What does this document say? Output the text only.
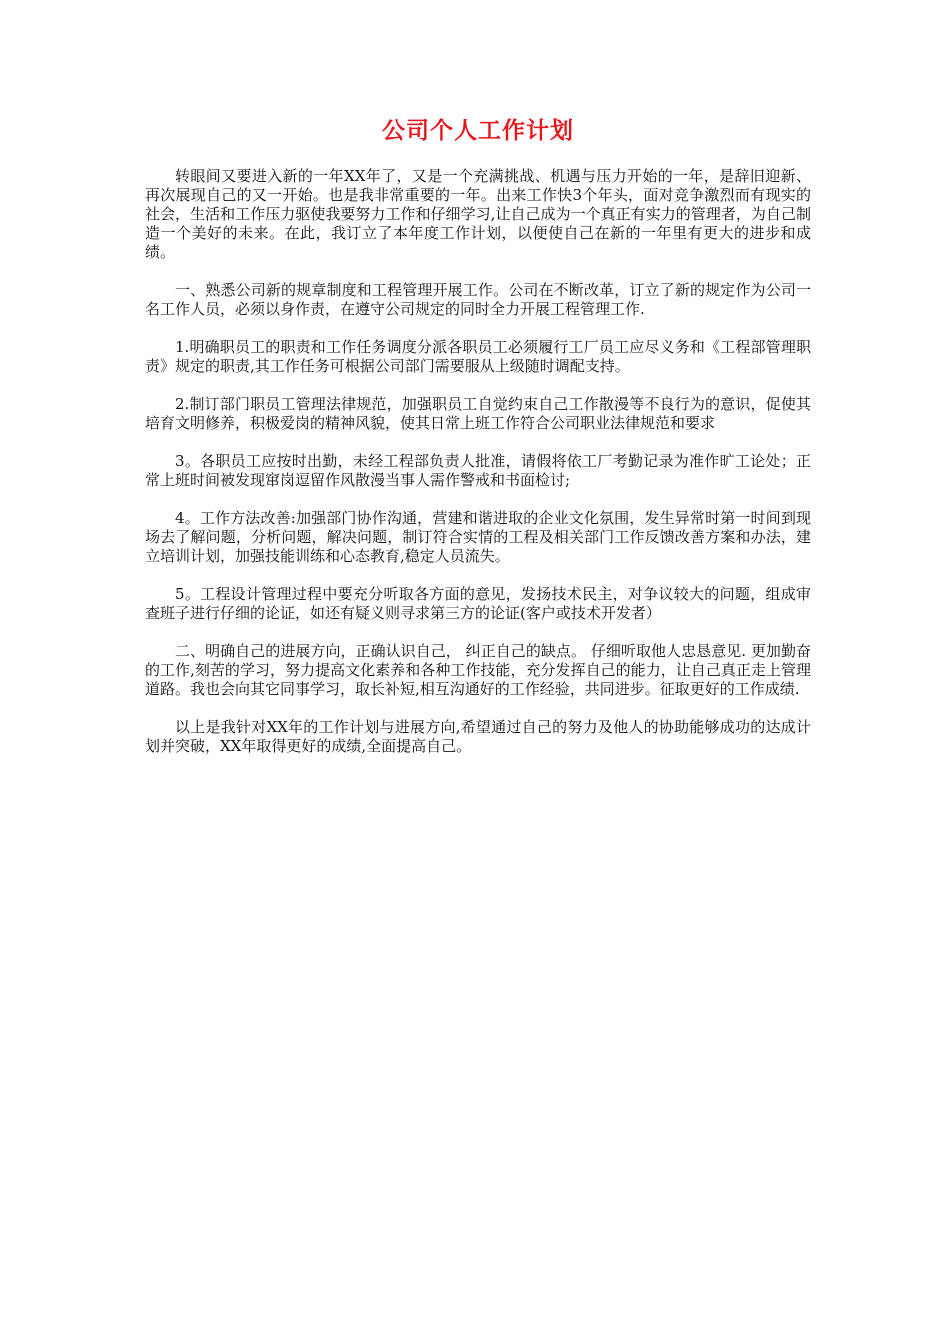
公司个人工作计划

转眼间又要进入新的一年XX年了，又是一个充满挑战、机遇与压力开始的一年，是辞旧迎新、再次展现自己的又一开始。也是我非常重要的一年。出来工作快3个年头，面对竞争激烈而有现实的社会，生活和工作压力驱使我要努力工作和仔细学习,让自己成为一个真正有实力的管理者，为自己制造一个美好的未来。在此，我订立了本年度工作计划，以便使自己在新的一年里有更大的进步和成绩。

一、熟悉公司新的规章制度和工程管理开展工作。公司在不断改革，订立了新的规定作为公司一名工作人员，必须以身作责，在遵守公司规定的同时全力开展工程管理工作.

1.明确职员工的职责和工作任务调度分派各职员工必须履行工厂员工应尽义务和《工程部管理职责》规定的职责,其工作任务可根据公司部门需要服从上级随时调配支持。

2.制订部门职员工管理法律规范，加强职员工自觉约束自己工作散漫等不良行为的意识，促使其培育文明修养，积极爱岗的精神风貌，使其日常上班工作符合公司职业法律规范和要求

3。各职员工应按时出勤，未经工程部负责人批准，请假将依工厂考勤记录为准作旷工论处；正常上班时间被发现窜岗逗留作风散漫当事人需作警戒和书面检讨;

4。工作方法改善:加强部门协作沟通，营建和谐进取的企业文化氛围，发生异常时第一时间到现场去了解问题，分析问题，解决问题，制订符合实情的工程及相关部门工作反馈改善方案和办法，建立培训计划，加强技能训练和心态教育,稳定人员流失。

5。工程设计管理过程中要充分听取各方面的意见，发扬技术民主，对争议较大的问题，组成审查班子进行仔细的论证，如还有疑义则寻求第三方的论证(客户或技术开发者）

二、明确自己的进展方向，正确认识自己， 纠正自己的缺点。 仔细听取他人忠恳意见. 更加勤奋的工作,刻苦的学习，努力提高文化素养和各种工作技能，充分发挥自己的能力，让自己真正走上管理道路。我也会向其它同事学习，取长补短,相互沟通好的工作经验，共同进步。征取更好的工作成绩.

以上是我针对XX年的工作计划与进展方向,希望通过自己的努力及他人的协助能够成功的达成计划并突破，XX年取得更好的成绩,全面提高自己。
